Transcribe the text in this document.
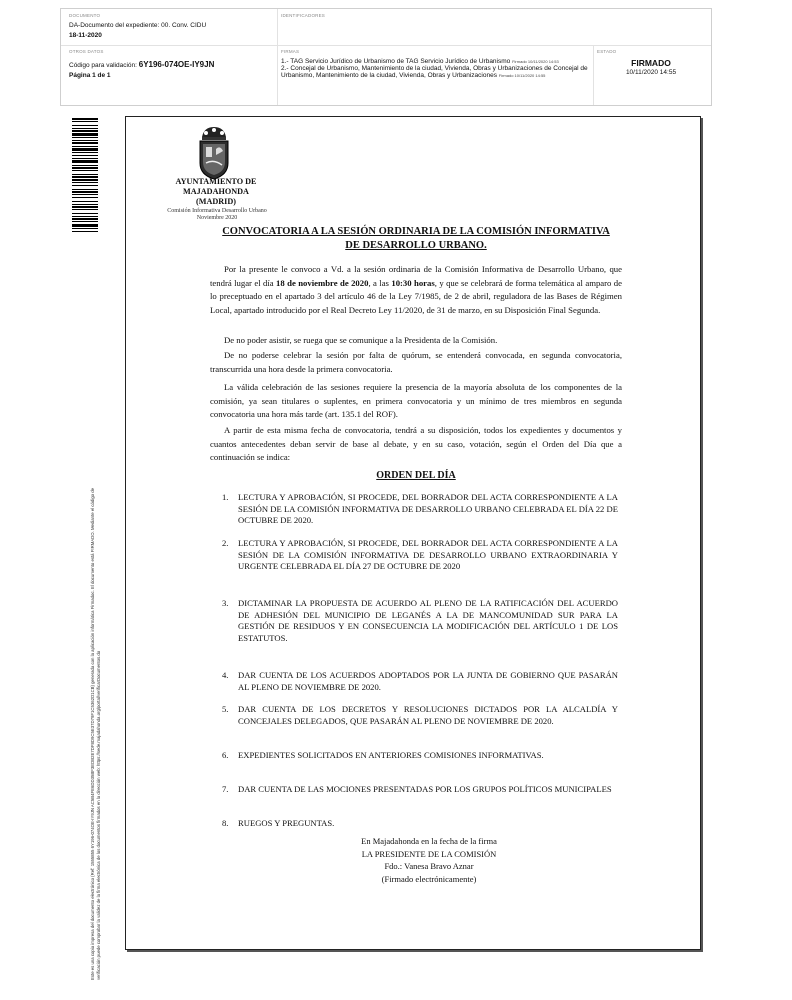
DOCUMENTO
DA-Documento del expediente: 00. Conv. CIDU
18-11-2020
IDENTIFICADORES
OTROS DATOS
Código para validación: 6Y196-074OE-IY9JN
Página 1 de 1
FIRMAS
1.- TAG Servicio Jurídico de Urbanismo de TAG Servicio Jurídico de Urbanismo Firmado 10/11/2020 14:53
2.- Concejal de Urbanismo, Mantenimiento de la ciudad, Vivienda, Obras y Urbanizaciones de Concejal de Urbanismo, Mantenimiento de la ciudad, Vivienda, Obras y Urbanizaciones Firmado 10/11/2020 14:55
ESTADO
FIRMADO
10/11/2020 14:55
Este es una copia impresa del documento electrónico (Ref: 1555855 6Y196-074OE-IY9JN AC5B4FE6DD35BF3EDB2E7DF8D9C5E37D79F1C5362D1CB) generada con la aplicación informática Firmadoc. El documento está FIRMADO. Mediante el código de verificación puede comprobar la validez de la firma electrónica de los documentos firmados en la dirección web: https://sede.majadahonda.org/portal/verificarDocumentos.do
AYUNTAMIENTO DE
MAJADAHONDA
(MADRID)
Comisión Informativa Desarrollo Urbano
Noviembre 2020
CONVOCATORIA A LA SESIÓN ORDINARIA DE LA COMISIÓN INFORMATIVA
DE DESARROLLO URBANO.

Por la presente le convoco a Vd. a la sesión ordinaria de la Comisión Informativa de Desarrollo Urbano, que tendrá lugar el día 18 de noviembre de 2020, a las 10:30 horas, y que se celebrará de forma telemática al amparo de lo preceptuado en el apartado 3 del artículo 46 de la Ley 7/1985, de 2 de abril, reguladora de las Bases de Régimen Local, apartado introducido por el Real Decreto Ley 11/2020, de 31 de marzo, en su Disposición Final Segunda.

De no poder asistir, se ruega que se comunique a la Presidenta de la Comisión.

De no poderse celebrar la sesión por falta de quórum, se entenderá convocada, en segunda convocatoria, transcurrida una hora desde la primera convocatoria.

La válida celebración de las sesiones requiere la presencia de la mayoría absoluta de los componentes de la comisión, ya sean titulares o suplentes, en primera convocatoria y un mínimo de tres miembros en segunda convocatoria una hora más tarde (art. 135.1 del ROF).

A partir de esta misma fecha de convocatoria, tendrá a su disposición, todos los expedientes y documentos y cuantos antecedentes deban servir de base al debate, y en su caso, votación, según el Orden del Día que a continuación se indica:

ORDEN DEL DÍA
1. LECTURA Y APROBACIÓN, SI PROCEDE, DEL BORRADOR DEL ACTA CORRESPONDIENTE A LA SESIÓN DE LA COMISIÓN INFORMATIVA DE DESARROLLO URBANO CELEBRADA EL DÍA 22 DE OCTUBRE DE 2020.
2. LECTURA Y APROBACIÓN, SI PROCEDE, DEL BORRADOR DEL ACTA CORRESPONDIENTE A LA SESIÓN DE LA COMISIÓN INFORMATIVA DE DESARROLLO URBANO EXTRAORDINARIA Y URGENTE CELEBRADA EL DÍA 27 DE OCTUBRE DE 2020
3. DICTAMINAR LA PROPUESTA DE ACUERDO AL PLENO DE LA RATIFICACIÓN DEL ACUERDO DE ADHESIÓN DEL MUNICIPIO DE LEGANÉS A LA DE MANCOMUNIDAD SUR PARA LA GESTIÓN DE RESIDUOS Y EN CONSECUENCIA LA MODIFICACIÓN DEL ARTÍCULO 1 DE LOS ESTATUTOS.
4. DAR CUENTA DE LOS ACUERDOS ADOPTADOS POR LA JUNTA DE GOBIERNO QUE PASARÁN AL PLENO DE NOVIEMBRE DE 2020.
5. DAR CUENTA DE LOS DECRETOS Y RESOLUCIONES DICTADOS POR LA ALCALDÍA Y CONCEJALES DELEGADOS, QUE PASARÁN AL PLENO DE NOVIEMBRE DE 2020.
6. EXPEDIENTES SOLICITADOS EN ANTERIORES COMISIONES INFORMATIVAS.
7. DAR CUENTA DE LAS MOCIONES PRESENTADAS POR LOS GRUPOS POLÍTICOS MUNICIPALES
8. RUEGOS Y PREGUNTAS.
En Majadahonda en la fecha de la firma
LA PRESIDENTE DE LA COMISIÓN
Fdo.: Vanesa Bravo Aznar
(Firmado electrónicamente)
